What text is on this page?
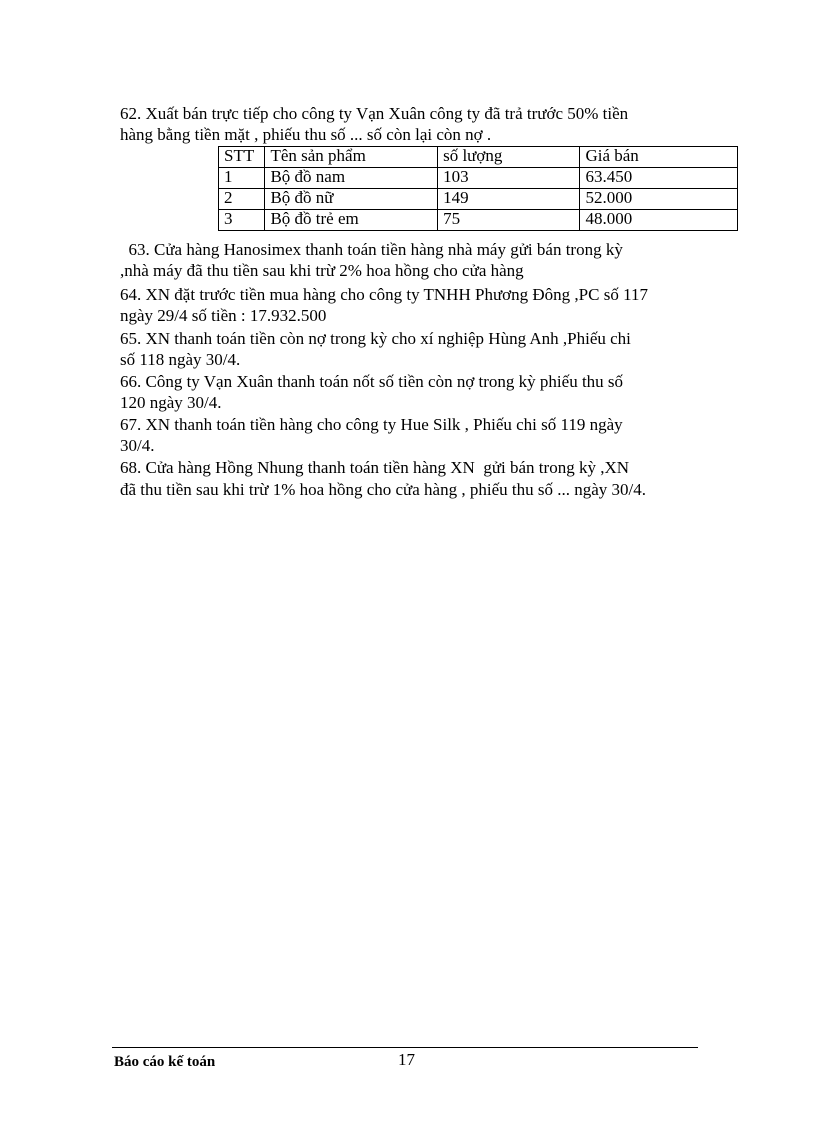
62. Xuất bán trực tiếp cho công ty Vạn Xuân công ty đã trả trước 50% tiền
hàng bằng tiền mặt , phiếu thu số ... số còn lại còn nợ .
STT	Tên sản phẩm	số lượng	Giá bán
1	Bộ đồ nam	103	63.450
2	Bộ đồ nữ	149	52.000
3	Bộ đồ trẻ em	75	48.000
63. Cửa hàng Hanosimex thanh toán tiền hàng nhà máy gửi bán trong kỳ
,nhà máy đã thu tiền sau khi trừ 2% hoa hồng cho cửa hàng
64. XN đặt trước tiền mua hàng cho công ty TNHH Phương Đông ,PC số 117
ngày 29/4 số tiền : 17.932.500
65. XN thanh toán tiền còn nợ trong kỳ cho xí nghiệp Hùng Anh ,Phiếu chi
số 118 ngày 30/4.
66. Công ty Vạn Xuân thanh toán nốt số tiền còn nợ trong kỳ phiếu thu số
120 ngày 30/4.
67. XN thanh toán tiền hàng cho công ty Hue Silk , Phiếu chi số 119 ngày
30/4.
68. Cửa hàng Hồng Nhung thanh toán tiền hàng XN  gửi bán trong kỳ ,XN
đã thu tiền sau khi trừ 1% hoa hồng cho cửa hàng , phiếu thu số ... ngày 30/4.
Báo cáo kế toán	17
